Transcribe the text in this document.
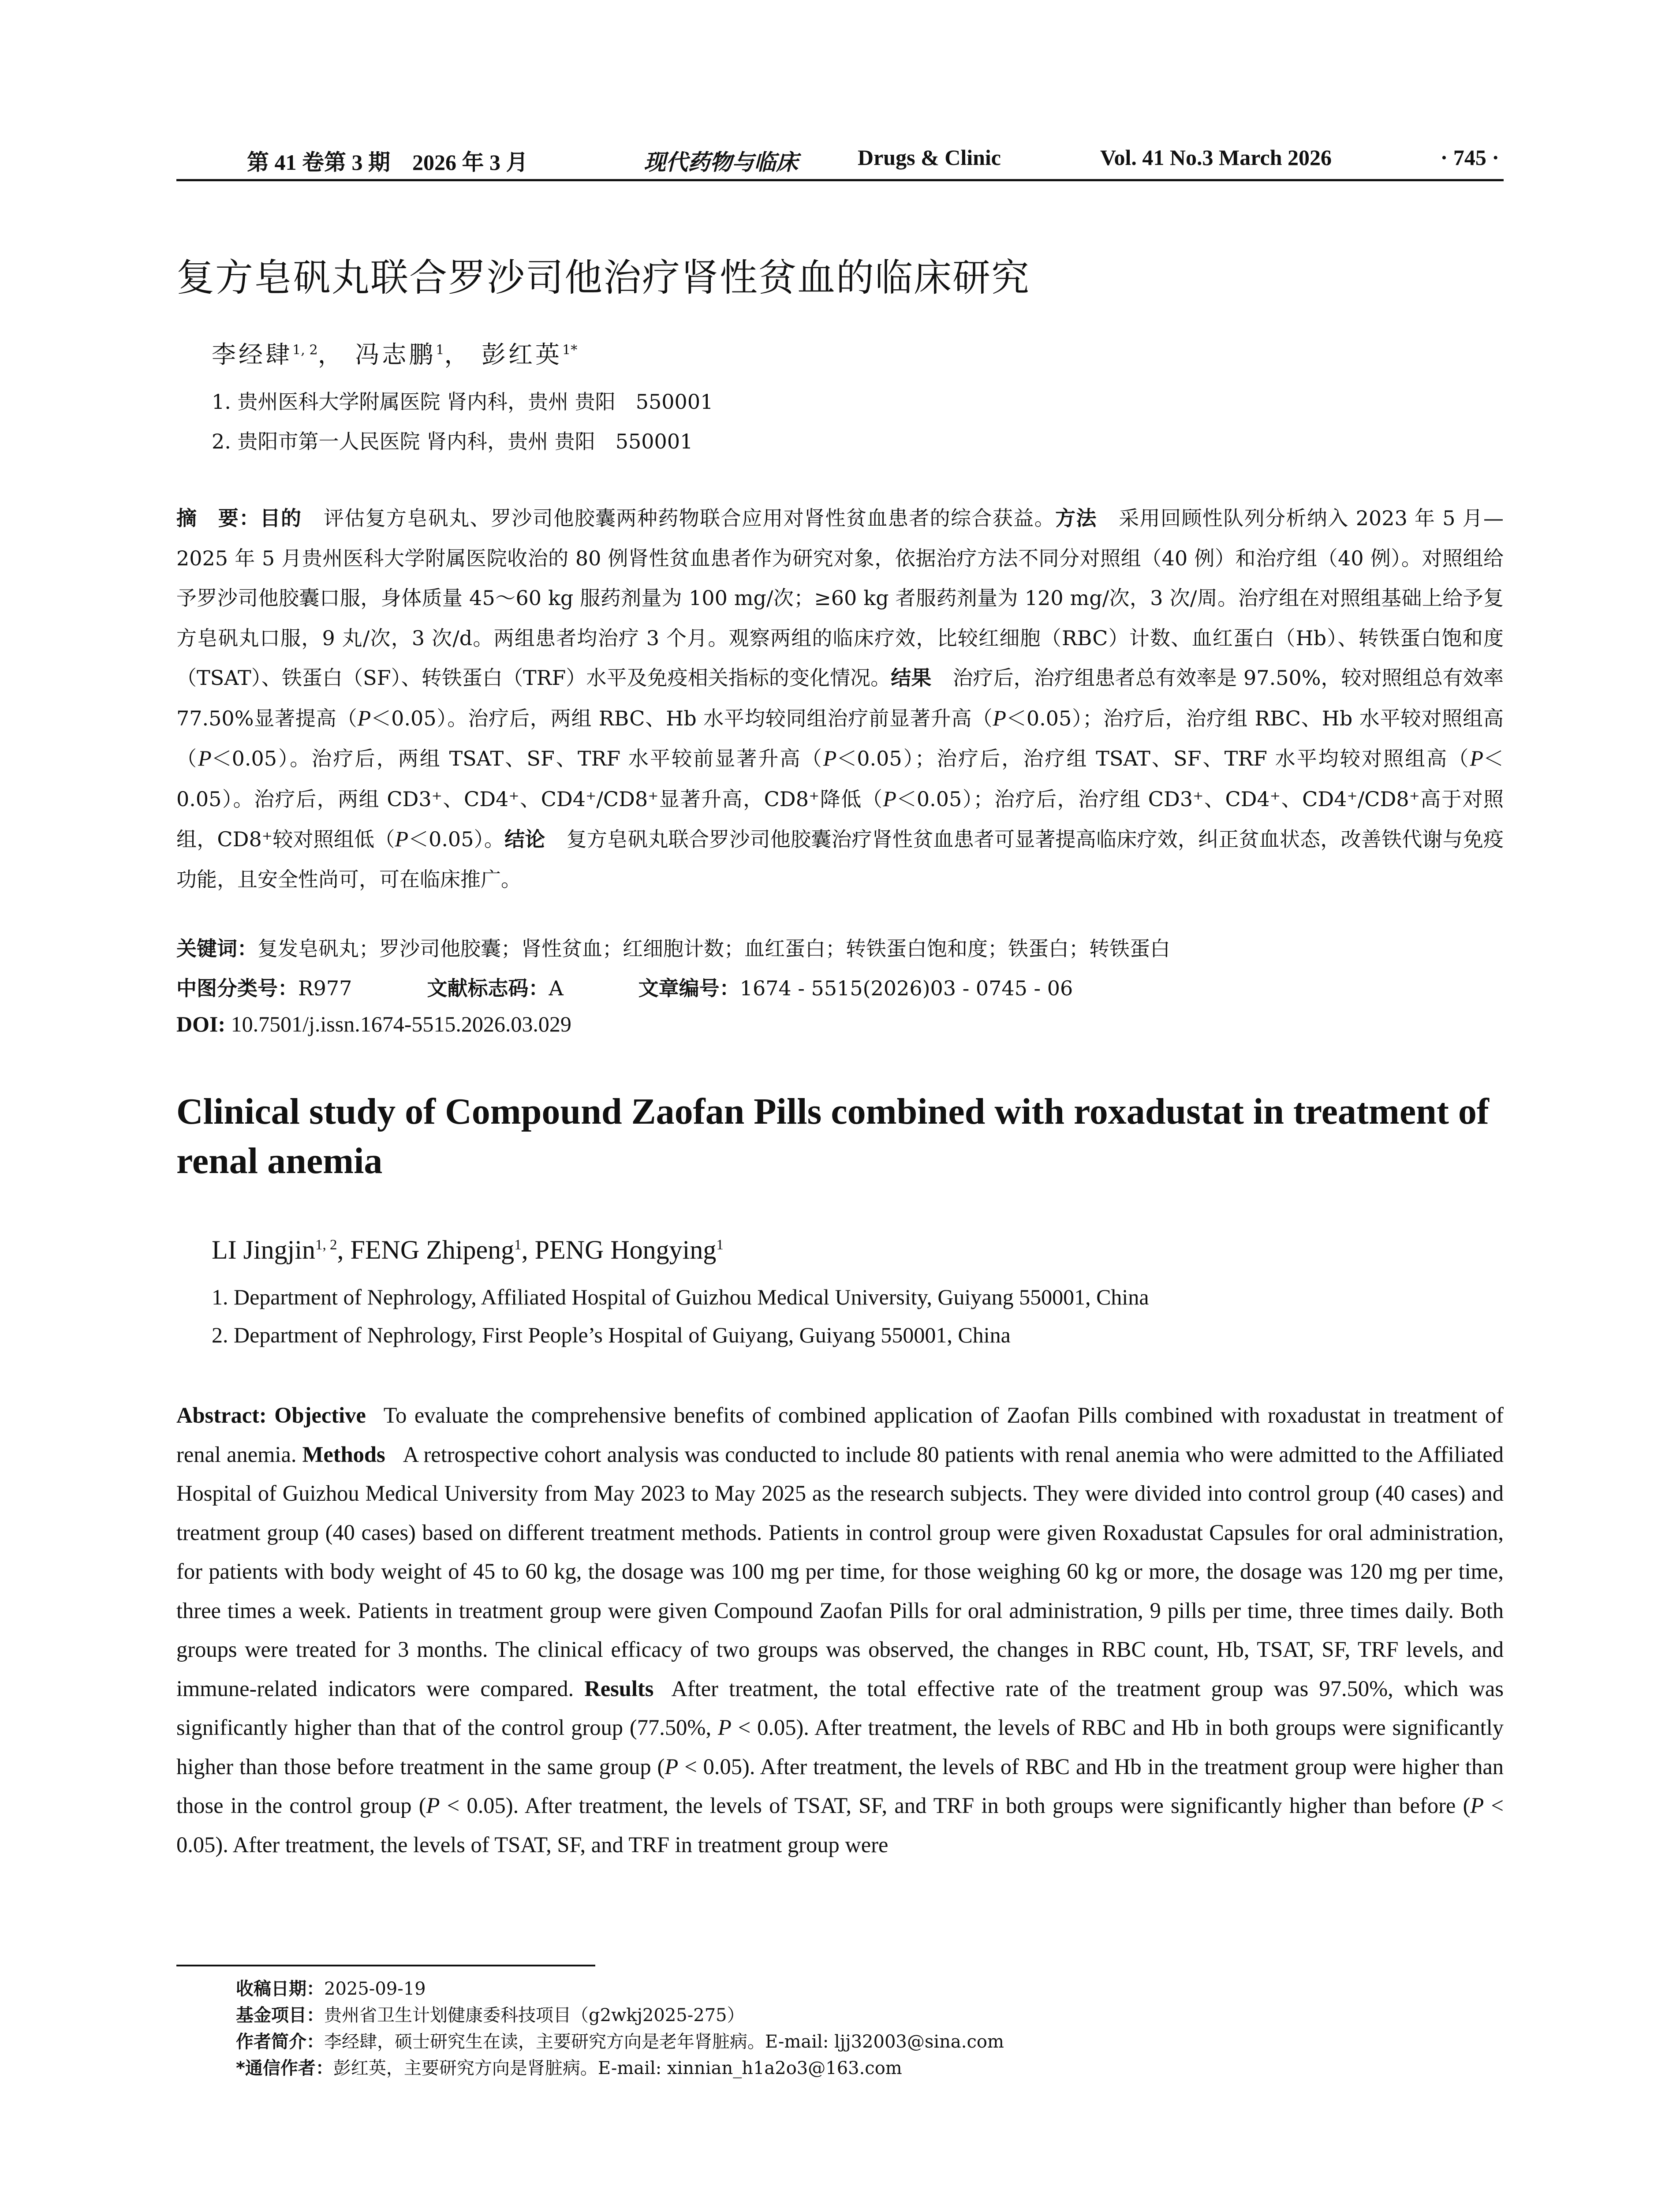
第 41 卷第 3 期　2026 年 3 月	现代药物与临床	Drugs & Clinic	Vol. 41 No.3 March 2026	· 745 ·
复方皂矾丸联合罗沙司他治疗肾性贫血的临床研究
李经肆$^{1, 2}$， 冯志鹏$^1$， 彭红英$^{1*}$
1. 贵州医科大学附属医院 肾内科，贵州 贵阳　550001
2. 贵阳市第一人民医院 肾内科，贵州 贵阳　550001
摘　要：目的 评估复方皂矾丸、罗沙司他胶囊两种药物联合应用对肾性贫血患者的综合获益。方法 采用回顾性队列分析纳入 2023 年 5 月—2025 年 5 月贵州医科大学附属医院收治的 80 例肾性贫血患者作为研究对象，依据治疗方法不同分对照组（40 例）和治疗组（40 例）。对照组给予罗沙司他胶囊口服，身体质量 45～60 kg 服药剂量为 100 mg/次；≥60 kg 者服药剂量为 120 mg/次，3 次/周。治疗组在对照组基础上给予复方皂矾丸口服，9 丸/次，3 次/d。两组患者均治疗 3 个月。观察两组的临床疗效，比较红细胞（RBC）计数、血红蛋白（Hb）、转铁蛋白饱和度（TSAT）、铁蛋白（SF）、转铁蛋白（TRF）水平及免疫相关指标的变化情况。结果 治疗后，治疗组患者总有效率是 97.50%，较对照组总有效率 77.50%显著提高（P＜0.05）。治疗后，两组 RBC、Hb 水平均较同组治疗前显著升高（P＜0.05）；治疗后，治疗组 RBC、Hb 水平较对照组高（P＜0.05）。治疗后，两组 TSAT、SF、TRF 水平较前显著升高（P＜0.05）；治疗后，治疗组 TSAT、SF、TRF 水平均较对照组高（P＜0.05）。治疗后，两组 CD3⁺、CD4⁺、CD4⁺/CD8⁺显著升高，CD8⁺降低（P＜0.05）；治疗后，治疗组 CD3⁺、CD4⁺、CD4⁺/CD8⁺高于对照组，CD8⁺较对照组低（P＜0.05）。结论 复方皂矾丸联合罗沙司他胶囊治疗肾性贫血患者可显著提高临床疗效，纠正贫血状态，改善铁代谢与免疫功能，且安全性尚可，可在临床推广。
关键词：复发皂矾丸；罗沙司他胶囊；肾性贫血；红细胞计数；血红蛋白；转铁蛋白饱和度；铁蛋白；转铁蛋白
中图分类号：R977	文献标志码：A	文章编号：1674 - 5515(2026)03 - 0745 - 06
DOI: 10.7501/j.issn.1674-5515.2026.03.029
Clinical study of Compound Zaofan Pills combined with roxadustat in treatment of renal anemia
LI Jingjin$^{1, 2}$, FENG Zhipeng$^1$, PENG Hongying$^1$
1. Department of Nephrology, Affiliated Hospital of Guizhou Medical University, Guiyang 550001, China
2. Department of Nephrology, First People’s Hospital of Guiyang, Guiyang 550001, China
Abstract: Objective To evaluate the comprehensive benefits of combined application of Zaofan Pills combined with roxadustat in treatment of renal anemia. Methods A retrospective cohort analysis was conducted to include 80 patients with renal anemia who were admitted to the Affiliated Hospital of Guizhou Medical University from May 2023 to May 2025 as the research subjects. They were divided into control group (40 cases) and treatment group (40 cases) based on different treatment methods. Patients in control group were given Roxadustat Capsules for oral administration, for patients with body weight of 45 to 60 kg, the dosage was 100 mg per time, for those weighing 60 kg or more, the dosage was 120 mg per time, three times a week. Patients in treatment group were given Compound Zaofan Pills for oral administration, 9 pills per time, three times daily. Both groups were treated for 3 months. The clinical efficacy of two groups was observed, the changes in RBC count, Hb, TSAT, SF, TRF levels, and immune-related indicators were compared. Results After treatment, the total effective rate of the treatment group was 97.50%, which was significantly higher than that of the control group (77.50%, P < 0.05). After treatment, the levels of RBC and Hb in both groups were significantly higher than those before treatment in the same group (P < 0.05). After treatment, the levels of RBC and Hb in the treatment group were higher than those in the control group (P < 0.05). After treatment, the levels of TSAT, SF, and TRF in both groups were significantly higher than before (P < 0.05). After treatment, the levels of TSAT, SF, and TRF in treatment group were
收稿日期：2025-09-19
基金项目：贵州省卫生计划健康委科技项目（g2wkj2025-275）
作者简介：李经肆，硕士研究生在读，主要研究方向是老年肾脏病。E-mail: ljj32003@sina.com
*通信作者：彭红英，主要研究方向是肾脏病。E-mail: xinnian_h1a2o3@163.com
